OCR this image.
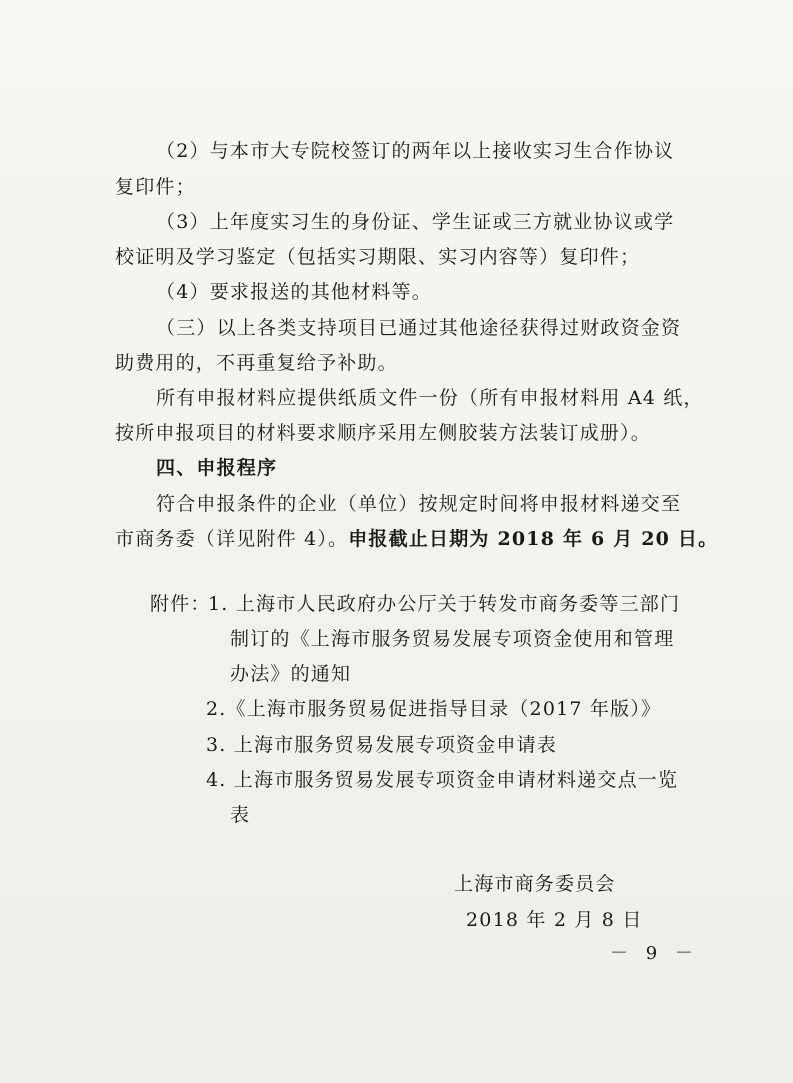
（2）与本市大专院校签订的两年以上接收实习生合作协议
复印件；
（3）上年度实习生的身份证、学生证或三方就业协议或学
校证明及学习鉴定（包括实习期限、实习内容等）复印件；
（4）要求报送的其他材料等。
（三）以上各类支持项目已通过其他途径获得过财政资金资
助费用的，不再重复给予补助。
所有申报材料应提供纸质文件一份（所有申报材料用 A4 纸，
按所申报项目的材料要求顺序采用左侧胶装方法装订成册）。
四、申报程序
符合申报条件的企业（单位）按规定时间将申报材料递交至
市商务委（详见附件 4）。申报截止日期为 2018 年 6 月 20 日。
附件：
1. 上海市人民政府办公厅关于转发市商务委等三部门
制订的《上海市服务贸易发展专项资金使用和管理
办法》的通知
2.《上海市服务贸易促进指导目录（2017 年版）》
3. 上海市服务贸易发展专项资金申请表
4. 上海市服务贸易发展专项资金申请材料递交点一览
表
上海市商务委员会
2018 年 2 月 8 日
－ 9 －
